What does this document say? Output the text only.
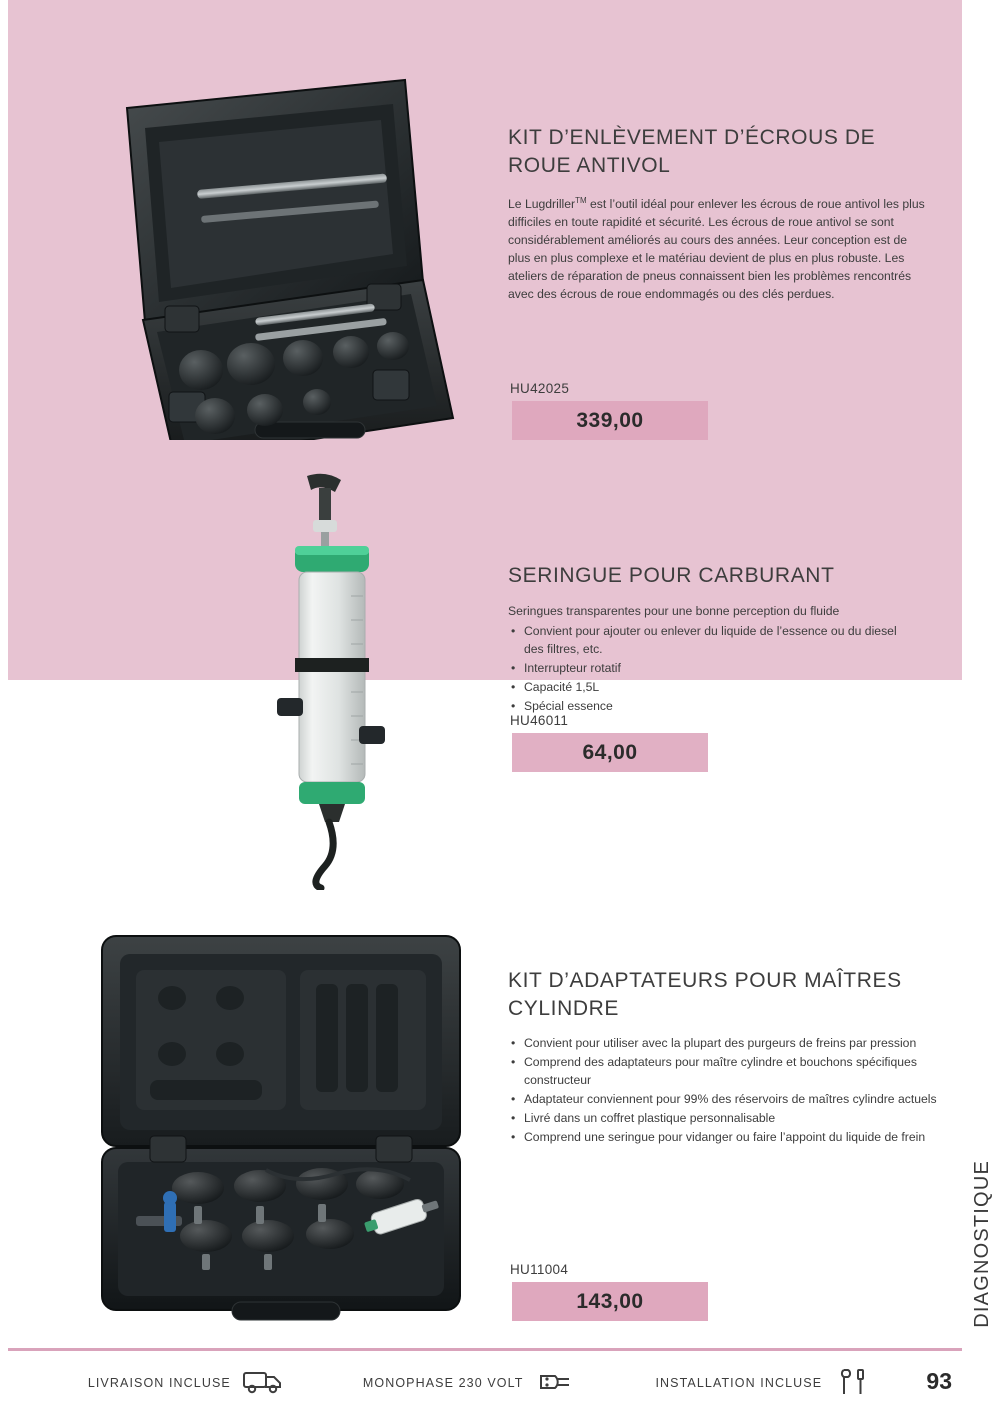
KIT D’ENLÈVEMENT D’ÉCROUS DE ROUE ANTIVOL
Le Lugdriller™ est l’outil idéal pour enlever les écrous de roue antivol les plus difficiles en toute rapidité et sécurité. Les écrous de roue antivol se sont considérablement améliorés au cours des années. Leur conception est de plus en plus complexe et le matériau devient de plus en plus robuste. Les ateliers de réparation de pneus connaissent bien les problèmes rencontrés avec des écrous de roue endommagés ou des clés perdues.
HU42025
339,00
SERINGUE POUR CARBURANT
Seringues transparentes pour une bonne perception du fluide
• Convient pour ajouter ou enlever du liquide de l’essence ou du diesel des filtres, etc.
• Interrupteur rotatif
• Capacité 1,5L
• Spécial essence
HU46011
64,00
KIT D’ADAPTATEURS POUR MAÎTRES CYLINDRE
• Convient pour utiliser avec la plupart des purgeurs de freins par pression
• Comprend des adaptateurs pour maître cylindre et bouchons spécifiques constructeur
• Adaptateur conviennent pour 99% des réservoirs de maîtres cylindre actuels
• Livré dans un coffret plastique personnalisable
• Comprend une seringue pour vidanger ou faire l’appoint du liquide de frein
HU11004
143,00	DIAGNOSTIQUE
LIVRAISON INCLUSE	MONOPHASE 230 VOLT	INSTALLATION INCLUSE	93
